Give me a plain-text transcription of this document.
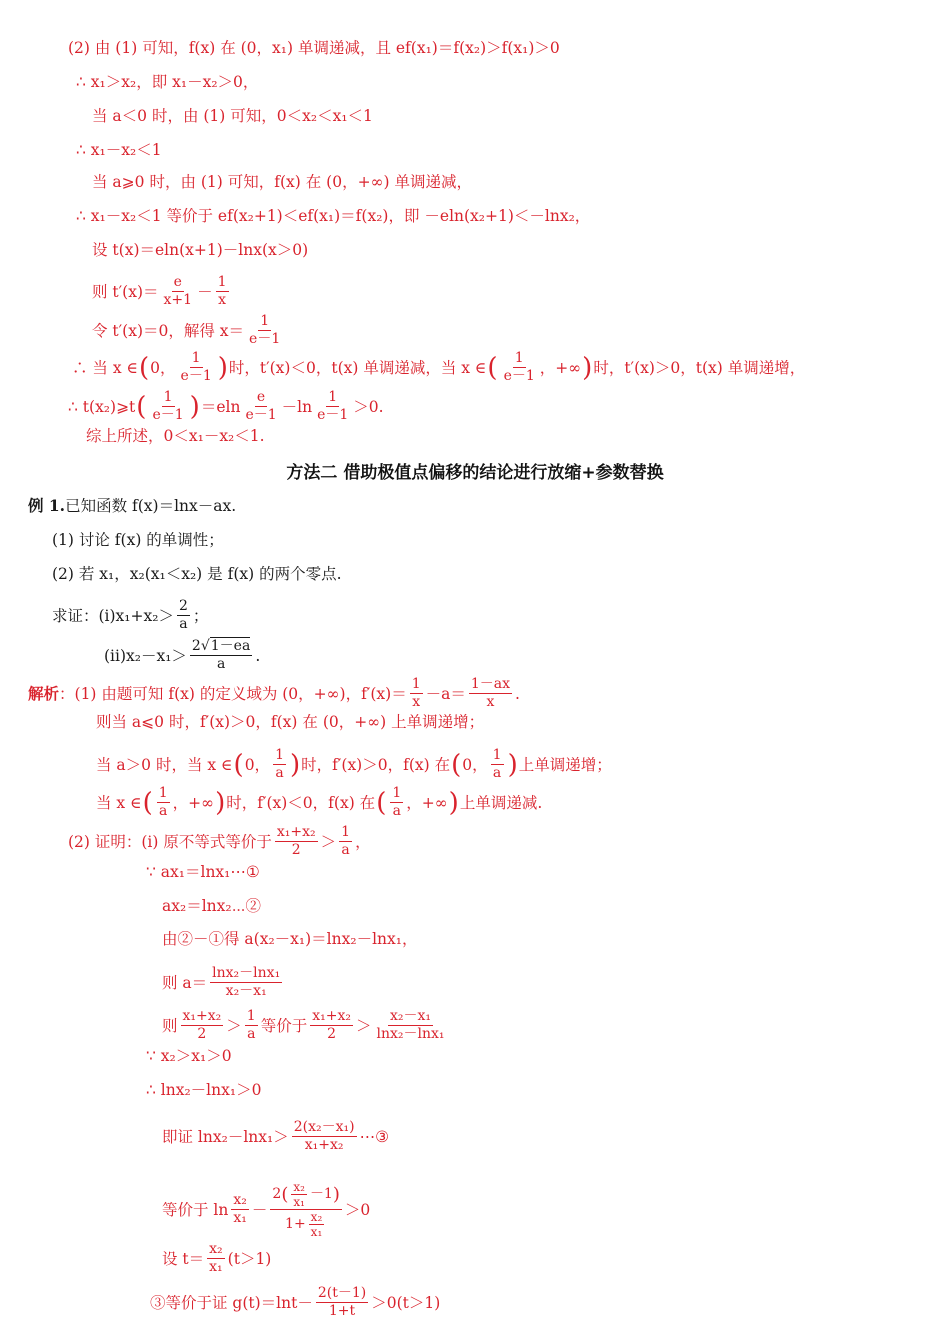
(2) 由 (1) 可知，f(x) 在 (0，x₁) 单调递减，且 ef(x₁)＝f(x₂)＞f(x₁)＞0
∴ x₁＞x₂，即 x₁－x₂＞0，
当 a＜0 时，由 (1) 可知，0＜x₂＜x₁＜1
∴ x₁－x₂＜1
当 a⩾0 时，由 (1) 可知，f(x) 在 (0，+∞) 单调递减，
∴ x₁－x₂＜1 等价于 ef(x₂+1)＜ef(x₁)＝f(x₂)，即 －eln(x₂+1)＜－lnx₂，
设 t(x)＝eln(x+1)－lnx(x＞0)
则 $t'(x)= \frac{e}{x+1} - \frac{1}{x}$
令 t′(x)＝0，解得 $x= \frac{1}{e-1}$
∴ 当 x ∈ ( 0， $\frac{1}{e-1}$ ) 时，t′(x)＜0，t(x) 单调递减，当 x ∈ ( $\frac{1}{e-1}$ ，+∞ ) 时，t′(x)＞0，t(x) 单调递增，
∴ t(x₂)⩾t ( $\frac{1}{e-1}$ ) $=eln \frac{e}{e-1} -\ln \frac{1}{e-1} >0$.
综上所述，0＜x₁－x₂＜1.
方法二 借助极值点偏移的结论进行放缩+参数替换
例 1. 已知函数 f(x)＝lnx－ax.
(1) 讨论 f(x) 的单调性；
(2) 若 x₁，x₂(x₁＜x₂) 是 f(x) 的两个零点.
求证：$(i)x_1+x_2> \frac{2}{a}$ ；
$(ii)x_2-x_1> \frac{2√1-ea}{a}$ .
解析 ：(1) 由题可知 f(x) 的定义域为 (0，+∞)，$f'(x)= \frac{1}{x} -a= \frac{1-ax}{x}$ .
则当 a⩽0 时，f′(x)＞0，f(x) 在 (0，+∞) 上单调递增；
当 a＞0 时，当 x ∈ ( 0， $\frac{1}{a}$ ) 时，f′(x)＞0，f(x) 在 ( 0， $\frac{1}{a}$ ) 上单调递增；
当 x ∈ ( $\frac{1}{a}$ ，+∞ ) 时，f′(x)＜0，f(x) 在 ( $\frac{1}{a}$ ，+∞ ) 上单调递减.
(2) 证明：(i) 原不等式等价于 $\frac{\text{x₁+x₂}}{2} > \frac{1}{a}$ ，
∵ ax₁＝lnx₁⋯①
ax₂＝lnx₂⋯②
由②－①得 a(x₂－x₁)＝lnx₂－lnx₁，
则 $a= \frac{\text{lnx₂－lnx₁}}{\text{x₂－x₁}}$
则 $\frac{\text{x₁+x₂}}{2} > \frac{1}{a}$ 等价于 $\frac{\text{x₁+x₂}}{2} > \frac{\text{x₂－x₁}}{\text{lnx₂－lnx₁}}$
∵ x₂＞x₁＞0
∴ lnx₂－lnx₁＞0
即证 $\ln x_2-\ln x_1> \frac{\text{2(x₂－x₁)}}{\text{x₁+x₂}}$ ⋯③
等价于 $\ln \frac{\text{x₂}}{\text{x₁}} - \frac{2 ( \frac{\text{x₂}}{\text{x₁}} -1 )}{1+ \frac{\text{x₂}}{\text{x₁}}} >0$
设 $t= \frac{\text{x₂}}{\text{x₁}} (t>1)$
③等价于证 $g(t)=\ln t- \frac{2(t-1)}{1+t} >0(t>1)$
